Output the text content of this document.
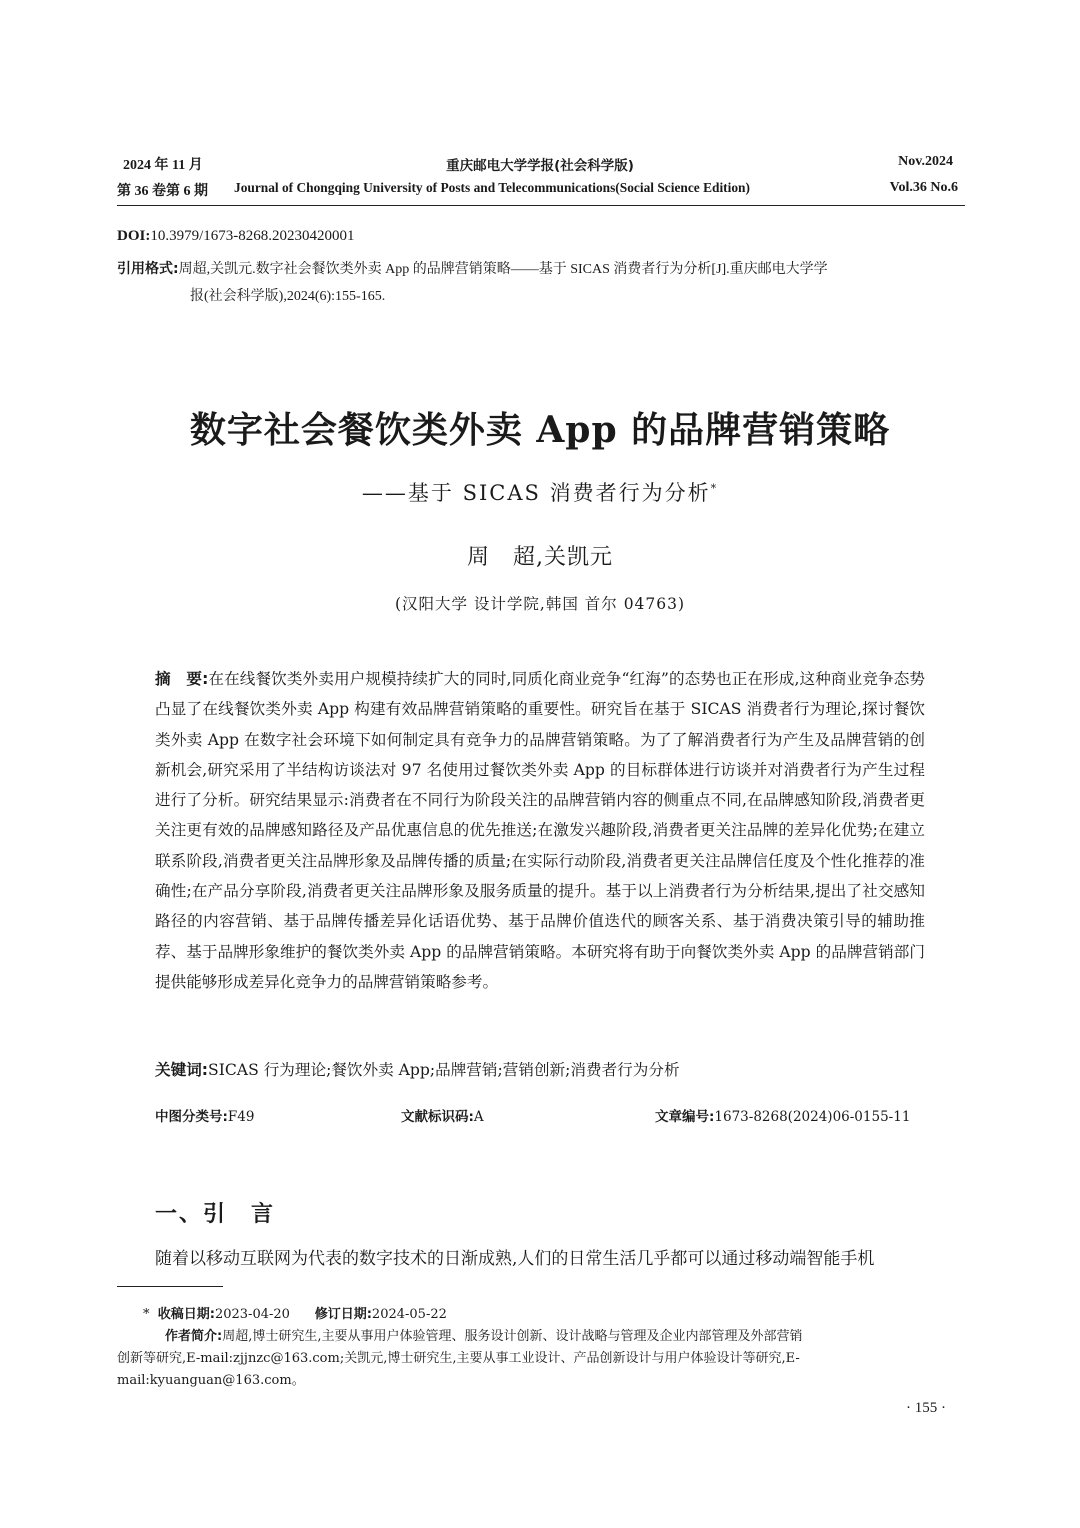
2024 年 11 月	重庆邮电大学学报(社会科学版)	Nov.2024
第 36 卷第 6 期 Journal of Chongqing University of Posts and Telecommunications(Social Science Edition)	Vol.36 No.6
DOI:10.3979/1673-8268.20230420001
引用格式:周超,关凯元.数字社会餐饮类外卖 App 的品牌营销策略——基于 SICAS 消费者行为分析[J].重庆邮电大学学
报(社会科学版),2024(6):155-165.
数字社会餐饮类外卖 App 的品牌营销策略
——基于 SICAS 消费者行为分析*
周　超,关凯元
(汉阳大学 设计学院,韩国 首尔 04763)
摘　要:在在线餐饮类外卖用户规模持续扩大的同时,同质化商业竞争“红海”的态势也正在形成,这种商业竞争态势凸显了在线餐饮类外卖 App 构建有效品牌营销策略的重要性。研究旨在基于 SICAS 消费者行为理论,探讨餐饮类外卖 App 在数字社会环境下如何制定具有竞争力的品牌营销策略。为了了解消费者行为产生及品牌营销的创新机会,研究采用了半结构访谈法对 97 名使用过餐饮类外卖 App 的目标群体进行访谈并对消费者行为产生过程进行了分析。研究结果显示:消费者在不同行为阶段关注的品牌营销内容的侧重点不同,在品牌感知阶段,消费者更关注更有效的品牌感知路径及产品优惠信息的优先推送;在激发兴趣阶段,消费者更关注品牌的差异化优势;在建立联系阶段,消费者更关注品牌形象及品牌传播的质量;在实际行动阶段,消费者更关注品牌信任度及个性化推荐的准确性;在产品分享阶段,消费者更关注品牌形象及服务质量的提升。基于以上消费者行为分析结果,提出了社交感知路径的内容营销、基于品牌传播差异化话语优势、基于品牌价值迭代的顾客关系、基于消费决策引导的辅助推荐、基于品牌形象维护的餐饮类外卖 App 的品牌营销策略。本研究将有助于向餐饮类外卖 App 的品牌营销部门提供能够形成差异化竞争力的品牌营销策略参考。
关键词:SICAS 行为理论;餐饮外卖 App;品牌营销;营销创新;消费者行为分析
中图分类号:F49	文献标识码:A	文章编号:1673-8268(2024)06-0155-11
一、引　言
随着以移动互联网为代表的数字技术的日渐成熟,人们的日常生活几乎都可以通过移动端智能手机
* 收稿日期:2023-04-20 修订日期:2024-05-22
作者简介:周超,博士研究生,主要从事用户体验管理、服务设计创新、设计战略与管理及企业内部管理及外部营销
创新等研究,E-mail:zjjnzc@163.com;关凯元,博士研究生,主要从事工业设计、产品创新设计与用户体验设计等研究,E-
mail:kyuanguan@163.com。
· 155 ·
